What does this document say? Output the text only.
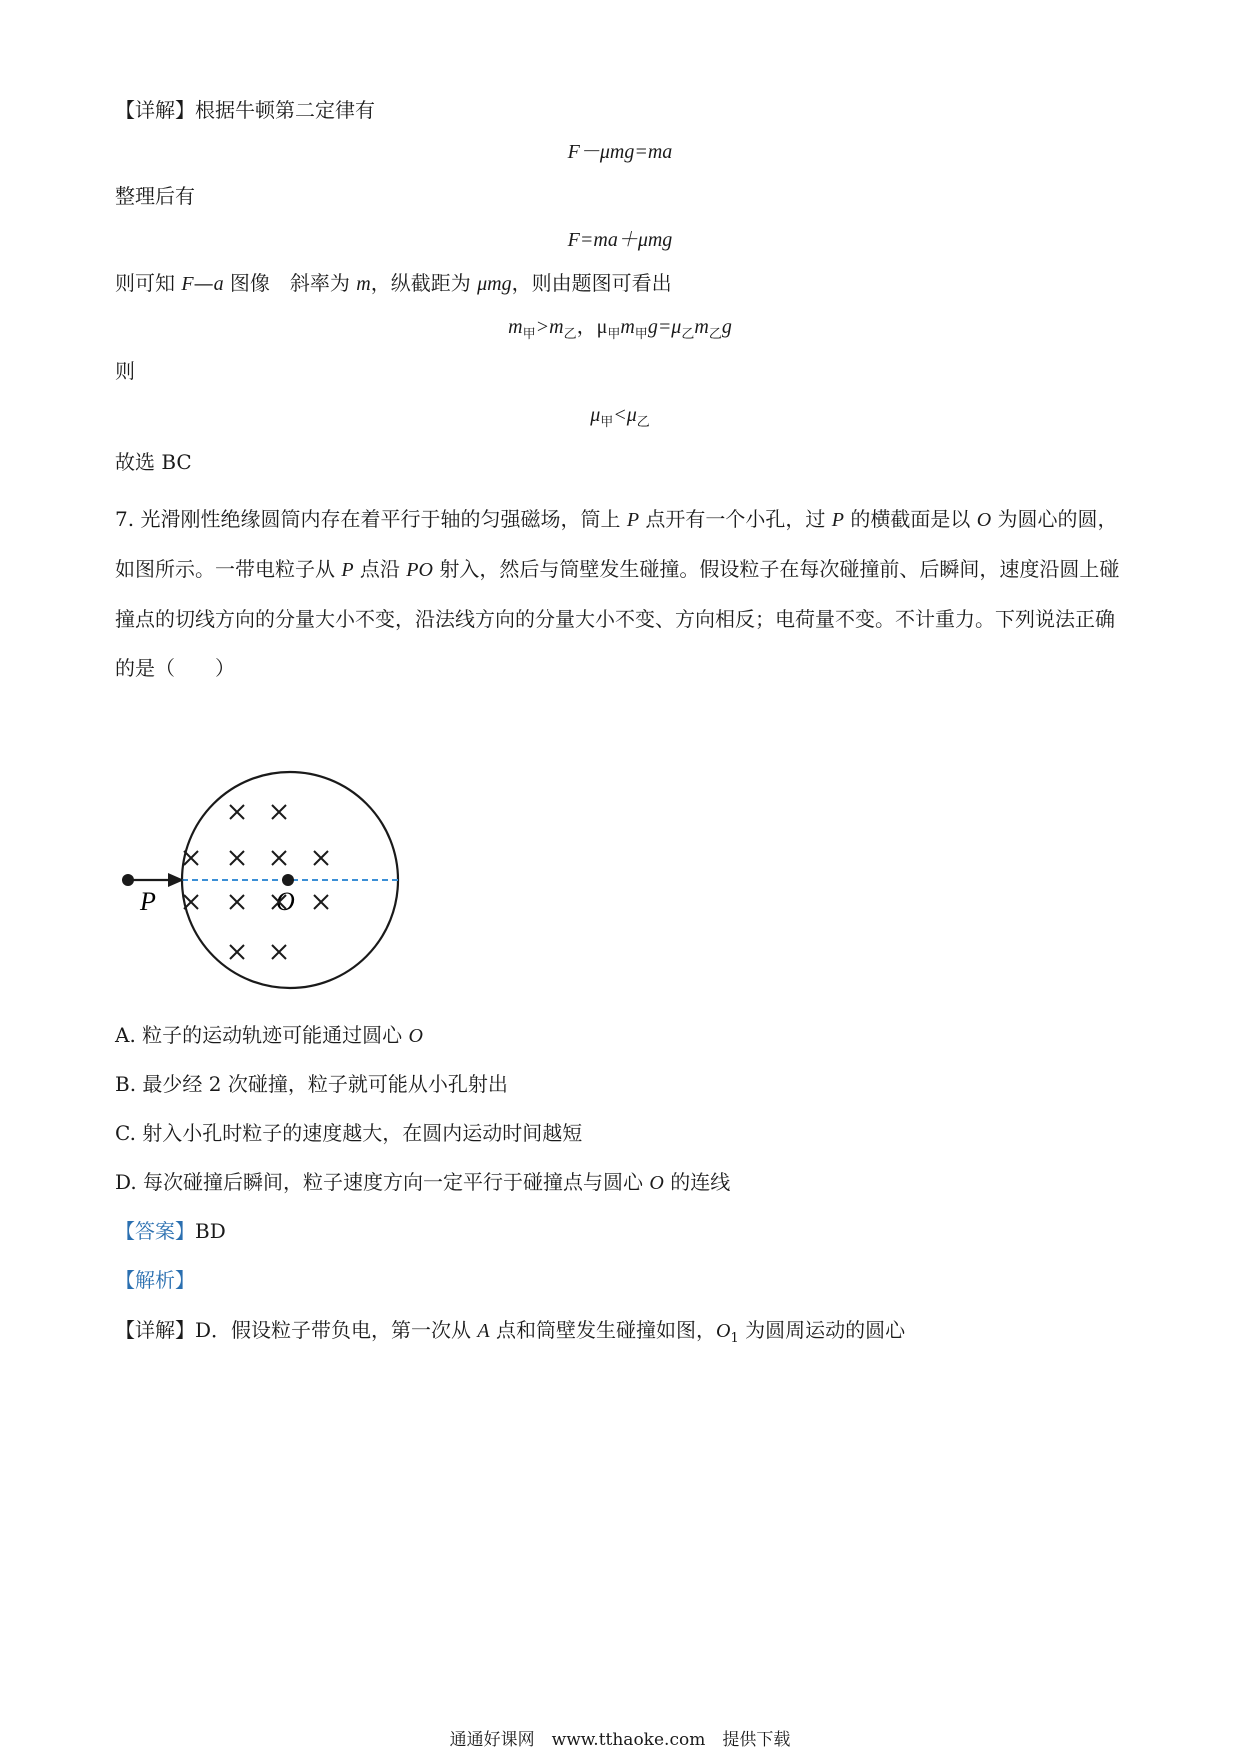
【详解】根据牛顿第二定律有
F－μmg=ma
整理后有
F=ma＋μmg
则可知 F—a 图像　斜率为 m，纵截距为 μmg，则由题图可看出
$m_甲>m_乙$，$\mu_甲m_甲g=\mu_乙m_乙g$
则
$\mu_甲<\mu_乙$
故选 BC
7. 光滑刚性绝缘圆筒内存在着平行于轴的匀强磁场，筒上 P 点开有一个小孔，过 P 的横截面是以 O 为圆心的圆，如图所示。一带电粒子从 P 点沿 PO 射入，然后与筒壁发生碰撞。假设粒子在每次碰撞前、后瞬间，速度沿圆上碰撞点的切线方向的分量大小不变，沿法线方向的分量大小不变、方向相反；电荷量不变。不计重力。下列说法正确的是（　　）
P	O
A. 粒子的运动轨迹可能通过圆心 O
B. 最少经 2 次碰撞，粒子就可能从小孔射出
C. 射入小孔时粒子的速度越大，在圆内运动时间越短
D. 每次碰撞后瞬间，粒子速度方向一定平行于碰撞点与圆心 O 的连线
【答案】BD
【解析】
【详解】D．假设粒子带负电，第一次从 A 点和筒壁发生碰撞如图，$O_1$ 为圆周运动的圆心
通通好课网　www.tthaoke.com　提供下载
